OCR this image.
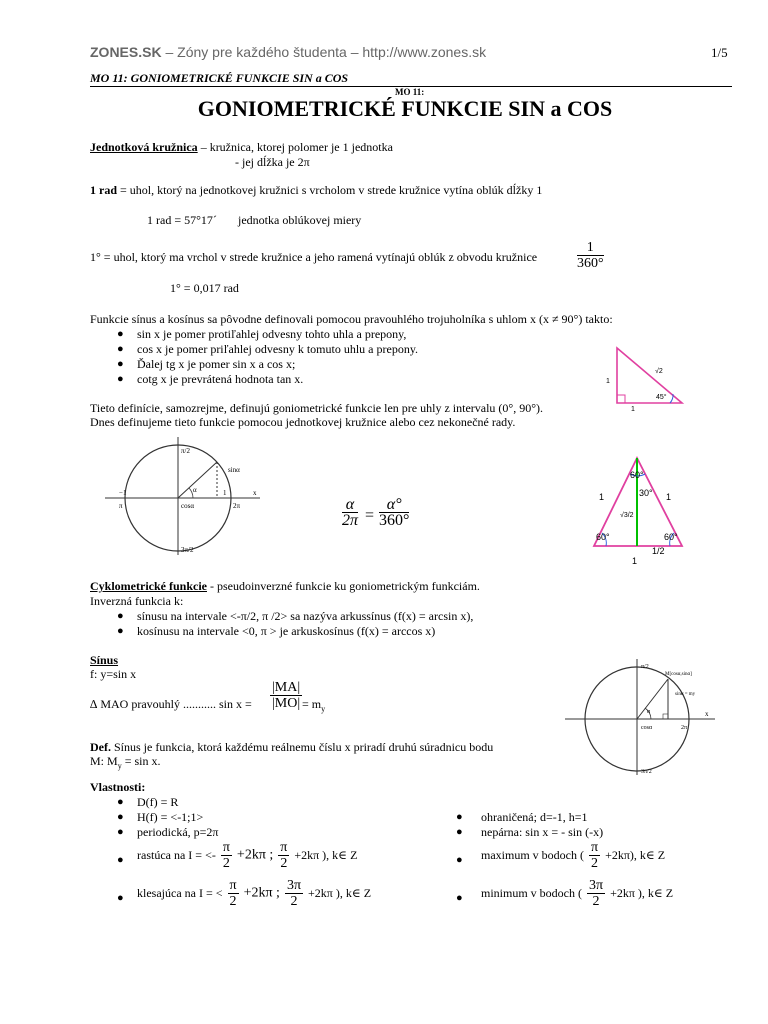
ZONES.SK – Zóny pre každého študenta – http://www.zones.sk	1/5
MO 11: GONIOMETRICKÉ FUNKCIE SIN a COS
MO 11:
GONIOMETRICKÉ FUNKCIE SIN a COS
Jednotková kružnica – kružnica, ktorej polomer je 1 jednotka
- jej dĺžka je 2π
1 rad = uhol, ktorý na jednotkovej kružnici s vrcholom v strede kružnice vytína oblúk dĺžky 1
1 rad = 57°17´ jednotka oblúkovej miery
1° = uhol, ktorý ma vrchol v strede kružnice a jeho ramená vytínajú oblúk z obvodu kružnice	$\frac{1}{360^\circ}$
1° = 0,017 rad
Funkcie sínus a kosínus sa pôvodne definovali pomocou pravouhlého trojuholníka s uhlom x (x ≠ 90°) takto:
● sin x je pomer protiľahlej odvesny tohto uhla a prepony,
● cos x je pomer priľahlej odvesny k tomuto uhlu a prepony.
● Ďalej tg x je pomer sin x a cos x;
● cotg x je prevrátená hodnota tan x.
Tieto definície, samozrejme, definujú goniometrické funkcie len pre uhly z intervalu (0°, 90°).
Dnes definujeme tieto funkcie pomocou jednotkovej kružnice alebo cez nekonečné rady.
1
1
√2
45°
π/2
3π/2
π	2π
−1
sinα
cosα
α	x
1
$\frac{\alpha}{2\pi} = \frac{\alpha^\circ}{360^\circ}$
60°
30°
1	1
√3/2
60°	60°
1/2
1
Cyklometrické funkcie - pseudoinverzné funkcie ku goniometrickým funkciám.
Inverzná funkcia k:
● sínusu na intervale <-π/2, π /2> sa nazýva arkussínus (f(x) = arcsin x),
● kosínusu na intervale <0, π > je arkuskosínus (f(x) = arccos x)
Sínus
f: y=sin x
∆ MAO pravouhlý ........... $\sin x = \frac{|MA|}{|MO|} = m_y$
Def. Sínus je funkcia, ktorá každému reálnemu číslu x priradí druhú súradnicu bodu
M: $M_y = \sin x$.
π/2
3π/2
2π
M[cosα,sinα]
sinα = my
cosα
α	x
Vlastnosti:
● D(f) = R
● H(f) = <-1;1>
● periodická, p=2π
● ohraničená; d=-1, h=1
● nepárna: sin x = - sin (-x)
● rastúca na I = <- $\frac{\pi}{2} +2k\pi$ ; $\frac{\pi}{2} +2k\pi$ ), k∈ Z	● maximum v bodoch ( $\frac{\pi}{2} +2k\pi$), k∈ Z
● klesajúca na I = < $\frac{\pi}{2} +2k\pi$ ; $\frac{3\pi}{2} +2k\pi$ ), k∈ Z	● minimum v bodoch ( $\frac{3\pi}{2} +2k\pi$ ), k∈ Z
